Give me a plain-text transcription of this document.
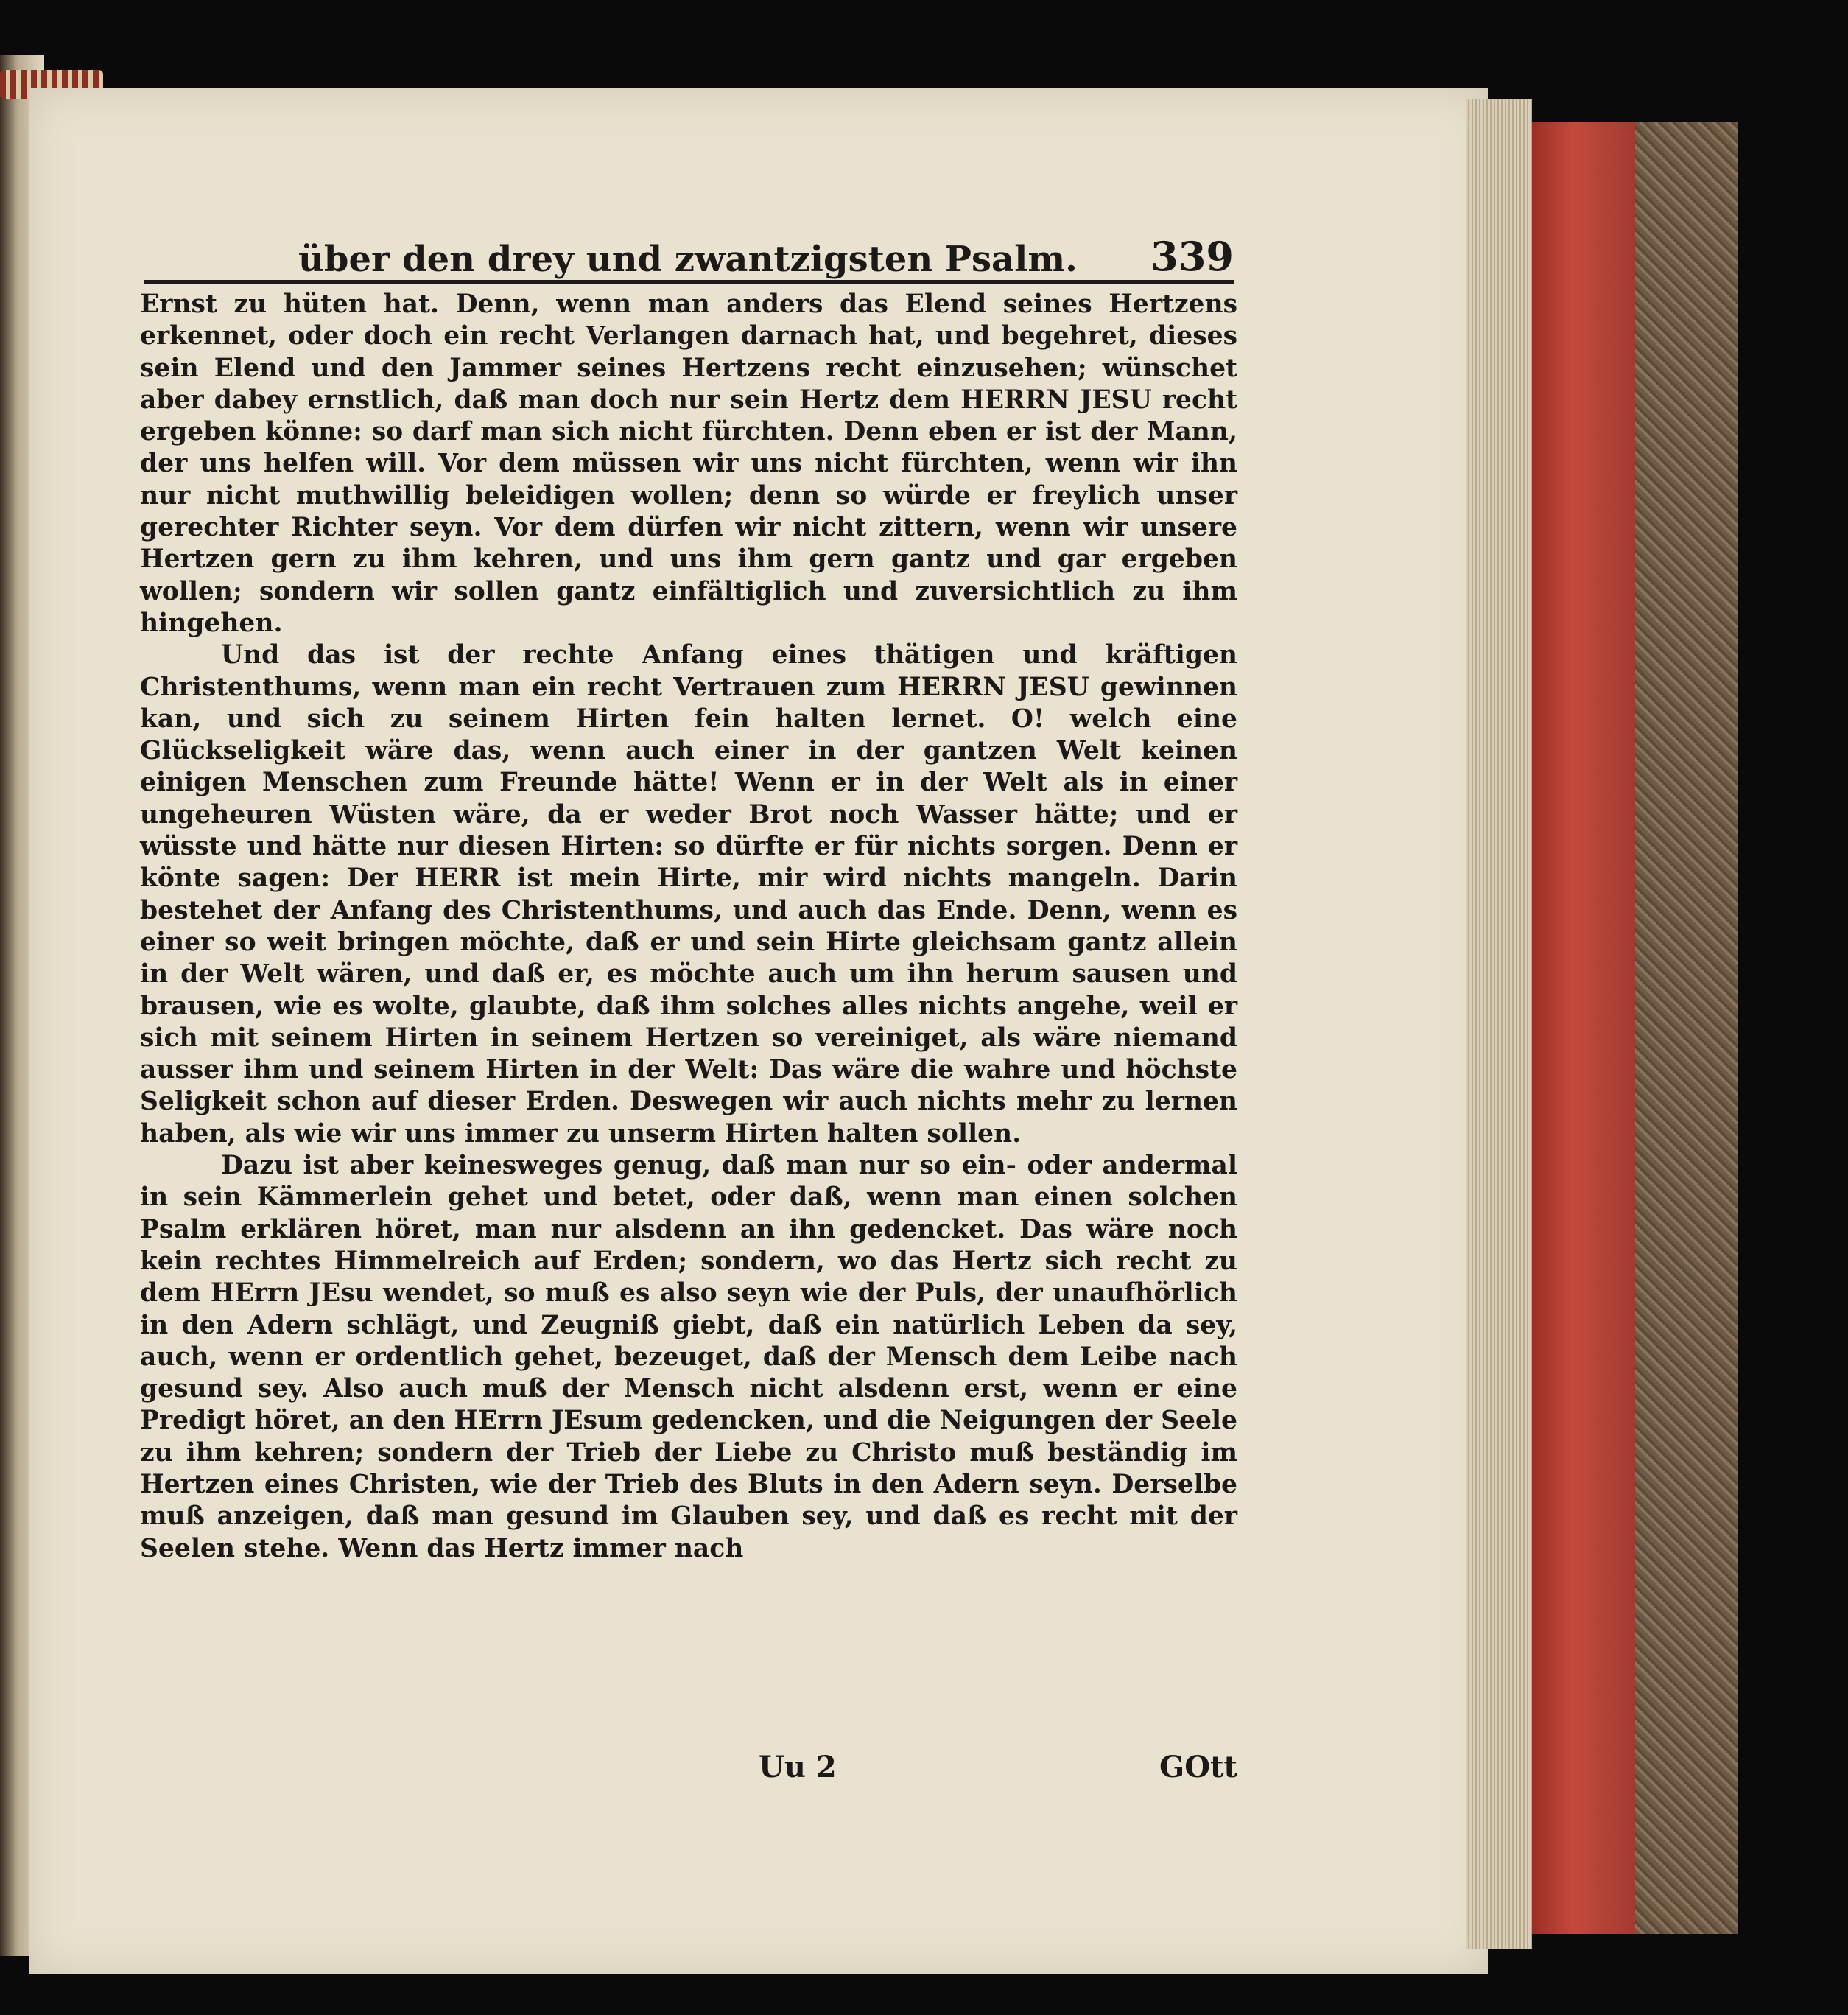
über den drey und zwantzigsten Psalm. 339

Ernst zu hüten hat. Denn, wenn man anders das Elend seines Hertzens erkennet, oder doch ein recht Verlangen darnach hat, und begehret, dieses sein Elend und den Jammer seines Hertzens recht einzusehen; wünschet aber dabey ernstlich, daß man doch nur sein Hertz dem HERRN JESU recht ergeben könne: so darf man sich nicht fürchten. Denn eben er ist der Mann, der uns helfen will. Vor dem müssen wir uns nicht fürchten, wenn wir ihn nur nicht muthwillig beleidigen wollen; denn so würde er freylich unser gerechter Richter seyn. Vor dem dürfen wir nicht zittern, wenn wir unsere Hertzen gern zu ihm kehren, und uns ihm gern gantz und gar ergeben wollen; sondern wir sollen gantz einfältiglich und zuversichtlich zu ihm hingehen.

Und das ist der rechte Anfang eines thätigen und kräftigen Christenthums, wenn man ein recht Vertrauen zum HERRN JESU gewinnen kan, und sich zu seinem Hirten fein halten lernet. O! welch eine Glückseligkeit wäre das, wenn auch einer in der gantzen Welt keinen einigen Menschen zum Freunde hätte! Wenn er in der Welt als in einer ungeheuren Wüsten wäre, da er weder Brot noch Wasser hätte; und er wüsste und hätte nur diesen Hirten: so dürfte er für nichts sorgen. Denn er könte sagen: Der HERR ist mein Hirte, mir wird nichts mangeln. Darin bestehet der Anfang des Christenthums, und auch das Ende. Denn, wenn es einer so weit bringen möchte, daß er und sein Hirte gleichsam gantz allein in der Welt wären, und daß er, es möchte auch um ihn herum sausen und brausen, wie es wolte, glaubte, daß ihm solches alles nichts angehe, weil er sich mit seinem Hirten in seinem Hertzen so vereiniget, als wäre niemand ausser ihm und seinem Hirten in der Welt: Das wäre die wahre und höchste Seligkeit schon auf dieser Erden. Deswegen wir auch nichts mehr zu lernen haben, als wie wir uns immer zu unserm Hirten halten sollen.

Dazu ist aber keinesweges genug, daß man nur so ein- oder andermal in sein Kämmerlein gehet und betet, oder daß, wenn man einen solchen Psalm erklären höret, man nur alsdenn an ihn gedencket. Das wäre noch kein rechtes Himmelreich auf Erden; sondern, wo das Hertz sich recht zu dem HErrn JEsu wendet, so muß es also seyn wie der Puls, der unaufhörlich in den Adern schlägt, und Zeugniß giebt, daß ein natürlich Leben da sey, auch, wenn er ordentlich gehet, bezeuget, daß der Mensch dem Leibe nach gesund sey. Also auch muß der Mensch nicht alsdenn erst, wenn er eine Predigt höret, an den HErrn JEsum gedencken, und die Neigungen der Seele zu ihm kehren; sondern der Trieb der Liebe zu Christo muß beständig im Hertzen eines Christen, wie der Trieb des Bluts in den Adern seyn. Derselbe muß anzeigen, daß man gesund im Glauben sey, und daß es recht mit der Seelen stehe. Wenn das Hertz immer nach

Uu 2	GOtt
